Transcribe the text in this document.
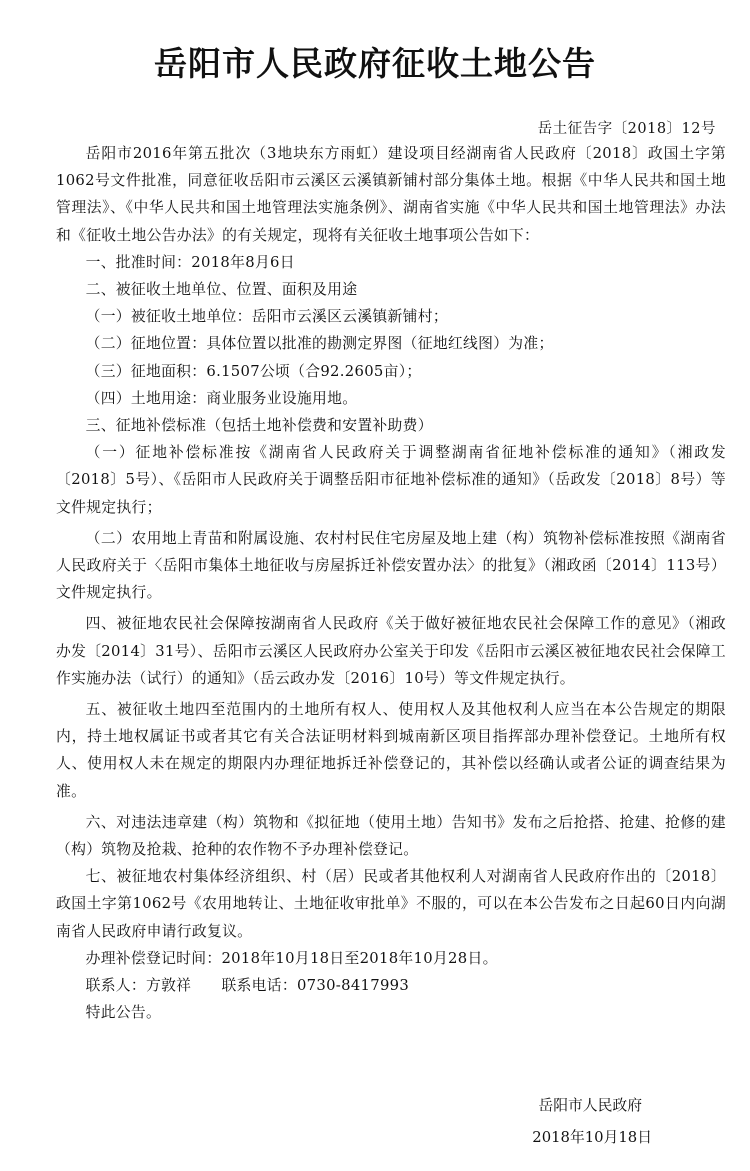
岳阳市人民政府征收土地公告
岳土征告字〔2018〕12号

岳阳市2016年第五批次（3地块东方雨虹）建设项目经湖南省人民政府〔2018〕政国土字第1062号文件批准，同意征收岳阳市云溪区云溪镇新铺村部分集体土地。根据《中华人民共和国土地管理法》、《中华人民共和国土地管理法实施条例》、湖南省实施《中华人民共和国土地管理法》办法和《征收土地公告办法》的有关规定，现将有关征收土地事项公告如下：

一、批准时间：2018年8月6日

二、被征收土地单位、位置、面积及用途

（一）被征收土地单位：岳阳市云溪区云溪镇新铺村；

（二）征地位置：具体位置以批准的勘测定界图（征地红线图）为准；

（三）征地面积：6.1507公顷（合92.2605亩）；

（四）土地用途：商业服务业设施用地。

三、征地补偿标准（包括土地补偿费和安置补助费）

（一）征地补偿标准按《湖南省人民政府关于调整湖南省征地补偿标准的通知》（湘政发〔2018〕5号）、《岳阳市人民政府关于调整岳阳市征地补偿标准的通知》（岳政发〔2018〕8号）等文件规定执行；

（二）农用地上青苗和附属设施、农村村民住宅房屋及地上建（构）筑物补偿标准按照《湖南省人民政府关于〈岳阳市集体土地征收与房屋拆迁补偿安置办法〉的批复》（湘政函〔2014〕113号）文件规定执行。

四、被征地农民社会保障按湖南省人民政府《关于做好被征地农民社会保障工作的意见》（湘政办发〔2014〕31号）、岳阳市云溪区人民政府办公室关于印发《岳阳市云溪区被征地农民社会保障工作实施办法（试行）的通知》（岳云政办发〔2016〕10号）等文件规定执行。

五、被征收土地四至范围内的土地所有权人、使用权人及其他权利人应当在本公告规定的期限内，持土地权属证书或者其它有关合法证明材料到城南新区项目指挥部办理补偿登记。土地所有权人、使用权人未在规定的期限内办理征地拆迁补偿登记的，其补偿以经确认或者公证的调查结果为准。

六、对违法违章建（构）筑物和《拟征地（使用土地）告知书》发布之后抢搭、抢建、抢修的建（构）筑物及抢栽、抢种的农作物不予办理补偿登记。

七、被征地农村集体经济组织、村（居）民或者其他权利人对湖南省人民政府作出的〔2018〕政国土字第1062号《农用地转让、土地征收审批单》不服的，可以在本公告发布之日起60日内向湖南省人民政府申请行政复议。

办理补偿登记时间：2018年10月18日至2018年10月28日。

联系人：方敦祥　　联系电话：0730-8417993

特此公告。

岳阳市人民政府
2018年10月18日
